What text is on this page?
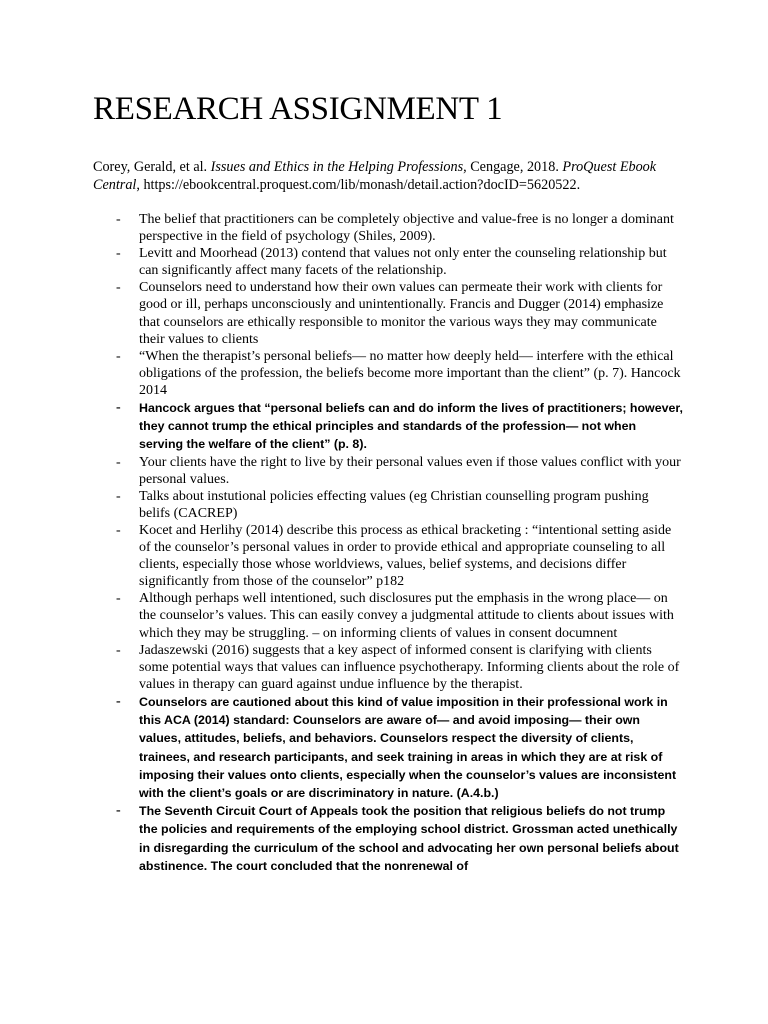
RESEARCH ASSIGNMENT 1

Corey, Gerald, et al. Issues and Ethics in the Helping Professions, Cengage, 2018. ProQuest Ebook Central, https://ebookcentral.proquest.com/lib/monash/detail.action?docID=5620522.

- The belief that practitioners can be completely objective and value-free is no longer a dominant perspective in the field of psychology (Shiles, 2009).
- Levitt and Moorhead (2013) contend that values not only enter the counseling relationship but can significantly affect many facets of the relationship.
- Counselors need to understand how their own values can permeate their work with clients for good or ill, perhaps unconsciously and unintentionally. Francis and Dugger (2014) emphasize that counselors are ethically responsible to monitor the various ways they may communicate their values to clients
- “When the therapist’s personal beliefs— no matter how deeply held— interfere with the ethical obligations of the profession, the beliefs become more important than the client” (p. 7). Hancock 2014
- Hancock argues that “personal beliefs can and do inform the lives of practitioners; however, they cannot trump the ethical principles and standards of the profession— not when serving the welfare of the client” (p. 8).
- Your clients have the right to live by their personal values even if those values conflict with your personal values.
- Talks about instutional policies effecting values (eg Christian counselling program pushing belifs (CACREP)
- Kocet and Herlihy (2014) describe this process as ethical bracketing : “intentional setting aside of the counselor’s personal values in order to provide ethical and appropriate counseling to all clients, especially those whose worldviews, values, belief systems, and decisions differ significantly from those of the counselor” p182
- Although perhaps well intentioned, such disclosures put the emphasis in the wrong place— on the counselor’s values. This can easily convey a judgmental attitude to clients about issues with which they may be struggling. – on informing clients of values in consent documnent
- Jadaszewski (2016) suggests that a key aspect of informed consent is clarifying with clients some potential ways that values can influence psychotherapy. Informing clients about the role of values in therapy can guard against undue influence by the therapist.
- Counselors are cautioned about this kind of value imposition in their professional work in this ACA (2014) standard: Counselors are aware of— and avoid imposing— their own values, attitudes, beliefs, and behaviors. Counselors respect the diversity of clients, trainees, and research participants, and seek training in areas in which they are at risk of imposing their values onto clients, especially when the counselor’s values are inconsistent with the client’s goals or are discriminatory in nature. (A.4.b.)
- The Seventh Circuit Court of Appeals took the position that religious beliefs do not trump the policies and requirements of the employing school district. Grossman acted unethically in disregarding the curriculum of the school and advocating her own personal beliefs about abstinence. The court concluded that the nonrenewal of
